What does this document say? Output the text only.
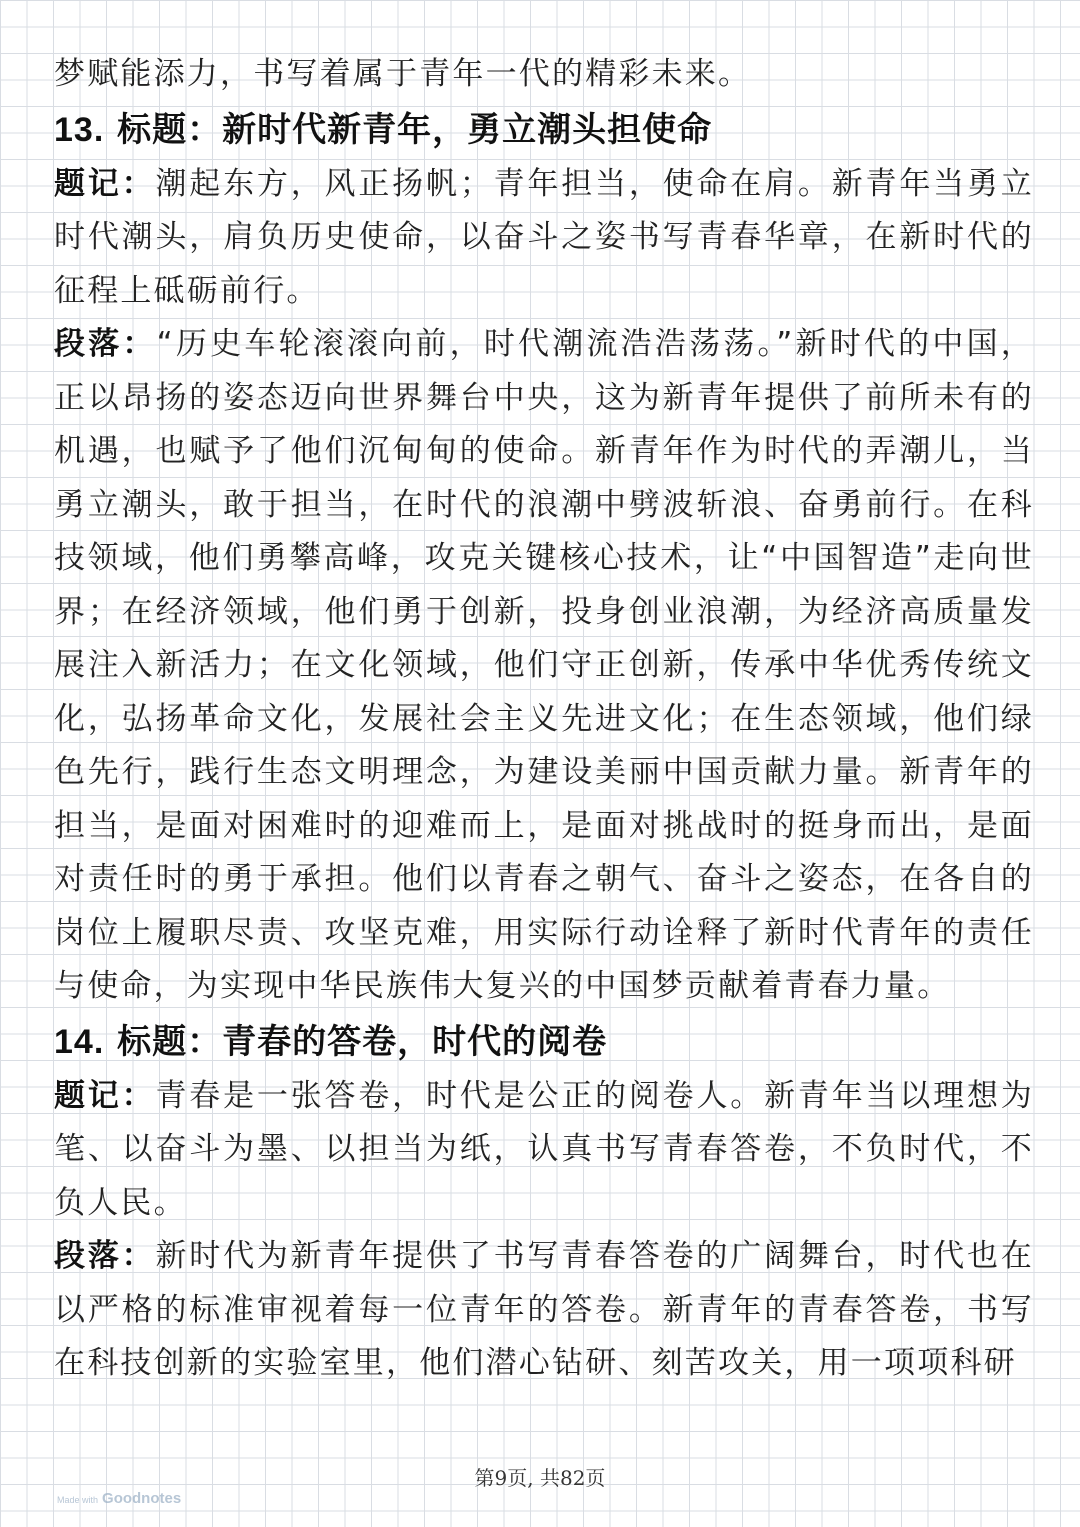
梦赋能添力，书写着属于青年一代的精彩未来。

13. 标题：新时代新青年，勇立潮头担使命

题记：潮起东方，风正扬帆；青年担当，使命在肩。新青年当勇立时代潮头，肩负历史使命，以奋斗之姿书写青春华章，在新时代的征程上砥砺前行。

段落：“历史车轮滚滚向前，时代潮流浩浩荡荡。”新时代的中国，正以昂扬的姿态迈向世界舞台中央，这为新青年提供了前所未有的机遇，也赋予了他们沉甸甸的使命。新青年作为时代的弄潮儿，当勇立潮头，敢于担当，在时代的浪潮中劈波斩浪、奋勇前行。在科技领域，他们勇攀高峰，攻克关键核心技术，让“中国智造”走向世界；在经济领域，他们勇于创新，投身创业浪潮，为经济高质量发展注入新活力；在文化领域，他们守正创新，传承中华优秀传统文化，弘扬革命文化，发展社会主义先进文化；在生态领域，他们绿色先行，践行生态文明理念，为建设美丽中国贡献力量。新青年的担当，是面对困难时的迎难而上，是面对挑战时的挺身而出，是面对责任时的勇于承担。他们以青春之朝气、奋斗之姿态，在各自的岗位上履职尽责、攻坚克难，用实际行动诠释了新时代青年的责任与使命，为实现中华民族伟大复兴的中国梦贡献着青春力量。

14. 标题：青春的答卷，时代的阅卷

题记：青春是一张答卷，时代是公正的阅卷人。新青年当以理想为笔、以奋斗为墨、以担当为纸，认真书写青春答卷，不负时代，不负人民。

段落：新时代为新青年提供了书写青春答卷的广阔舞台，时代也在以严格的标准审视着每一位青年的答卷。新青年的青春答卷，书写在科技创新的实验室里，他们潜心钻研、刻苦攻关，用一项项科研

第9页, 共82页
Made with Goodnotes
